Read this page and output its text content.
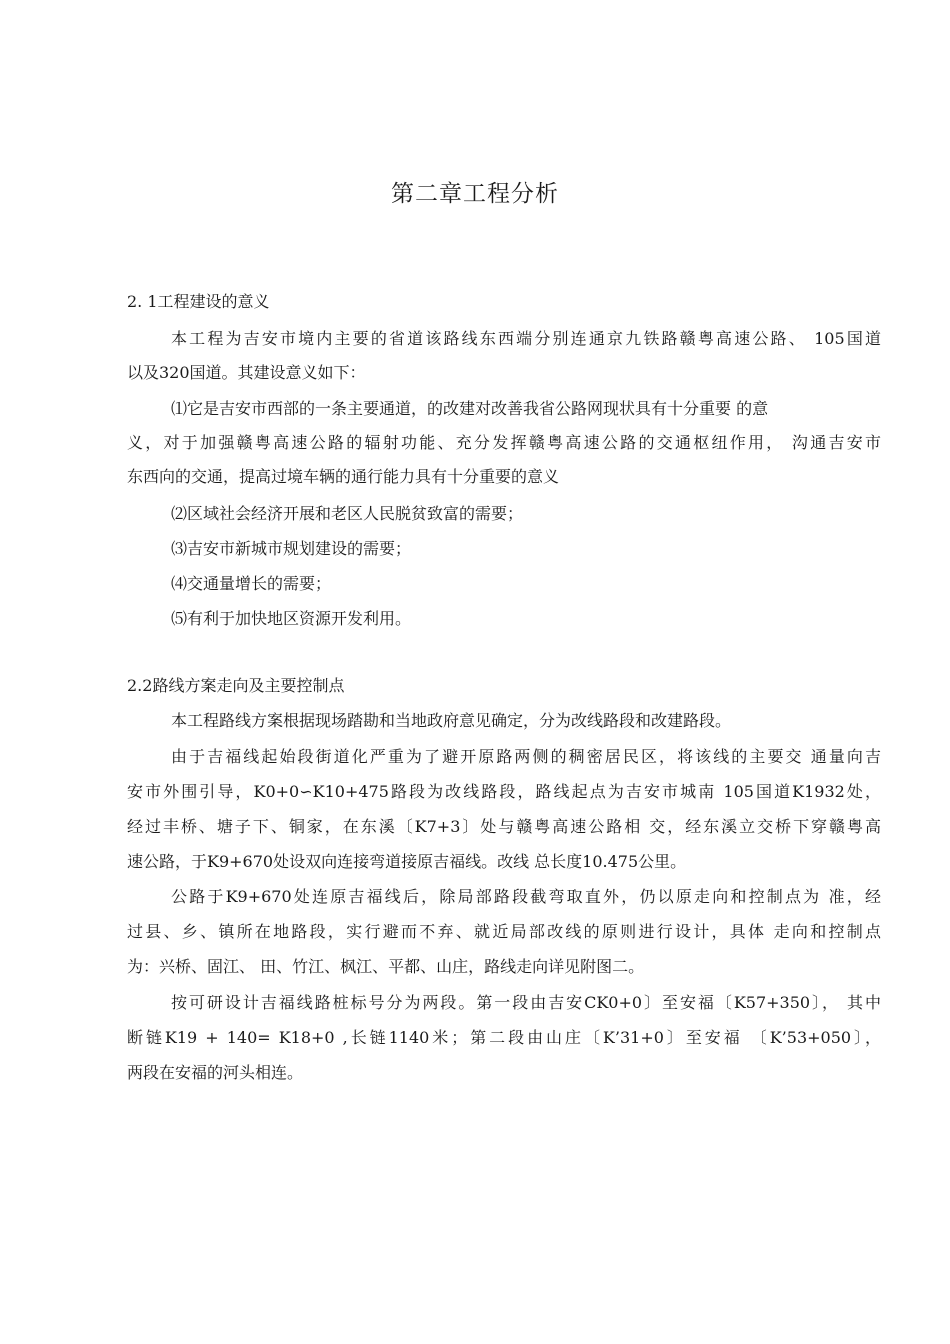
第二章工程分析
2. 1工程建设的意义
本工程为吉安市境内主要的省道该路线东西端分别连通京九铁路赣粤高速公路、 105国道
以及320国道。其建设意义如下：
⑴它是吉安市西部的一条主要通道，的改建对改善我省公路网现状具有十分重要 的意
义，对于加强赣粤高速公路的辐射功能、充分发挥赣粤高速公路的交通枢纽作用， 沟通吉安市
东西向的交通，提高过境车辆的通行能力具有十分重要的意义
⑵区域社会经济开展和老区人民脱贫致富的需要；
⑶吉安市新城市规划建设的需要；
⑷交通量增长的需要；
⑸有利于加快地区资源开发利用。
2.2路线方案走向及主要控制点
本工程路线方案根据现场踏勘和当地政府意见确定，分为改线路段和改建路段。
由于吉福线起始段街道化严重为了避开原路两侧的稠密居民区，将该线的主要交 通量向吉
安市外围引导，K0+0∽K10+475路段为改线路段，路线起点为吉安市城南 105国道K1932处，
经过丰桥、塘子下、铜家，在东溪〔K7+3〕处与赣粤高速公路相 交，经东溪立交桥下穿赣粤高
速公路，于K9+670处设双向连接弯道接原吉福线。改线 总长度10.475公里。
公路于K9+670处连原吉福线后，除局部路段截弯取直外，仍以原走向和控制点为 准，经
过县、乡、镇所在地路段，实行避而不弃、就近局部改线的原则进行设计，具体 走向和控制点
为：兴桥、固江、 田、竹江、枫江、平都、山庄，路线走向详见附图二。
按可研设计吉福线路桩标号分为两段。第一段由吉安CK0+0〕至安福〔K57+350〕， 其中
断链K19 + 140= K18+0 ,长链1140米；第二段由山庄〔K’31+0〕至安福 〔K’53+050〕，
两段在安福的河头相连。
